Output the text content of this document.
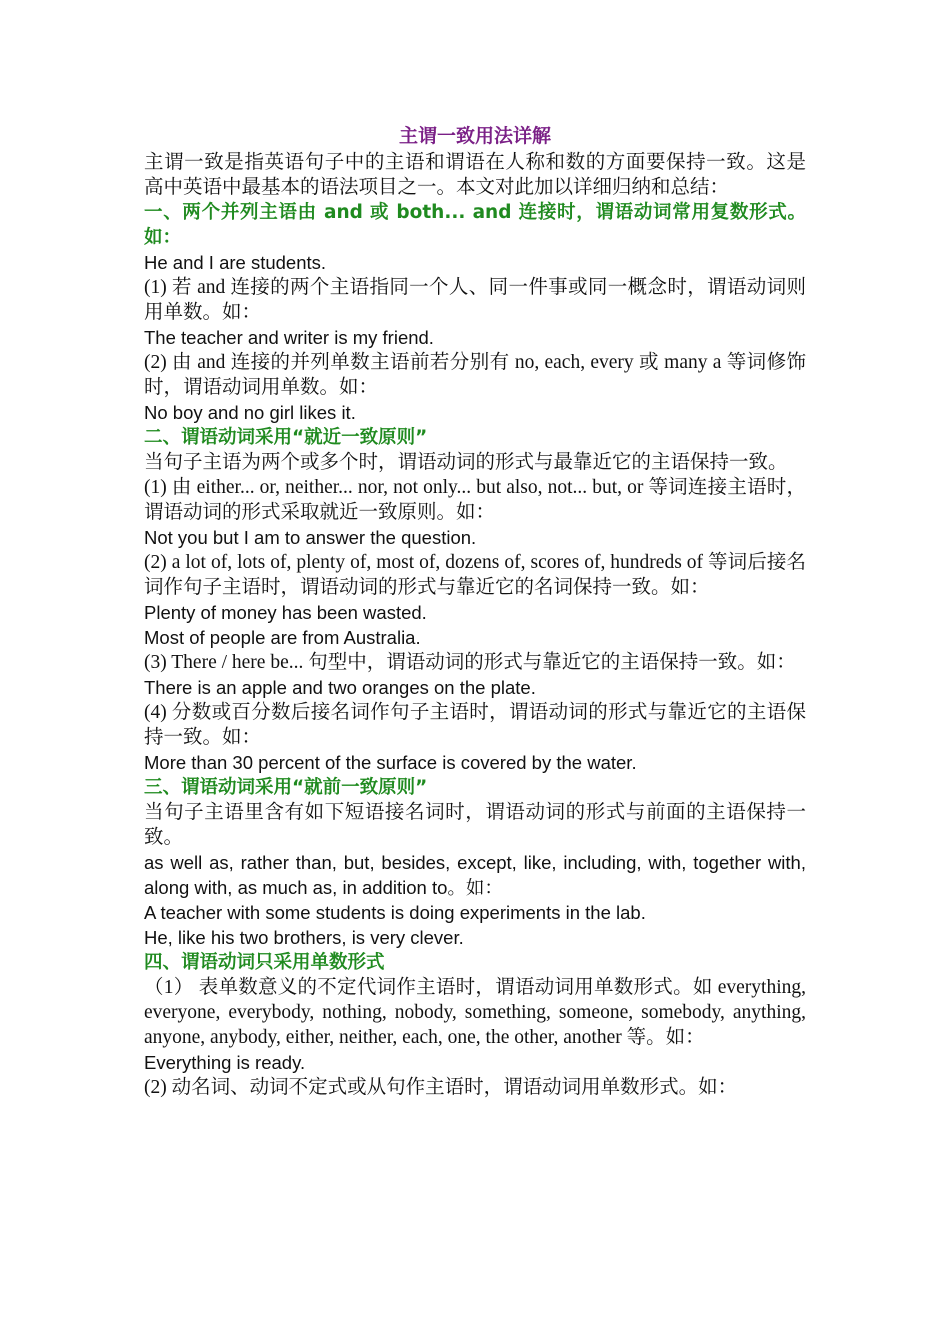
主谓一致用法详解

主谓一致是指英语句子中的主语和谓语在人称和数的方面要保持一致。这是高中英语中最基本的语法项目之一。本文对此加以详细归纳和总结：

一、两个并列主语由 and 或 both... and 连接时，谓语动词常用复数形式。如：

He and I are students.

(1) 若 and 连接的两个主语指同一个人、同一件事或同一概念时，谓语动词则用单数。如：

The teacher and writer is my friend.

(2) 由 and 连接的并列单数主语前若分别有 no, each, every 或 many a 等词修饰时，谓语动词用单数。如：

No boy and no girl likes it.

二、谓语动词采用“就近一致原则”

当句子主语为两个或多个时，谓语动词的形式与最靠近它的主语保持一致。

(1) 由 either... or, neither... nor, not only... but also, not... but, or 等词连接主语时，谓语动词的形式采取就近一致原则。如：

Not you but I am to answer the question.

(2) a lot of, lots of, plenty of, most of, dozens of, scores of, hundreds of 等词后接名词作句子主语时，谓语动词的形式与靠近它的名词保持一致。如：

Plenty of money has been wasted.

Most of people are from Australia.

(3) There / here be... 句型中，谓语动词的形式与靠近它的主语保持一致。如：

There is an apple and two oranges on the plate.

(4) 分数或百分数后接名词作句子主语时，谓语动词的形式与靠近它的主语保持一致。如：

More than 30 percent of the surface is covered by the water.

三、谓语动词采用“就前一致原则”

当句子主语里含有如下短语接名词时，谓语动词的形式与前面的主语保持一致。

as well as, rather than, but, besides, except, like, including, with, together with, along with, as much as, in addition to。如：

A teacher with some students is doing experiments in the lab.

He, like his two brothers, is very clever.

四、谓语动词只采用单数形式

（1） 表单数意义的不定代词作主语时，谓语动词用单数形式。如 everything, everyone, everybody, nothing, nobody, something, someone, somebody, anything, anyone, anybody, either, neither, each, one, the other, another 等。如：

Everything is ready.

(2) 动名词、动词不定式或从句作主语时，谓语动词用单数形式。如：
